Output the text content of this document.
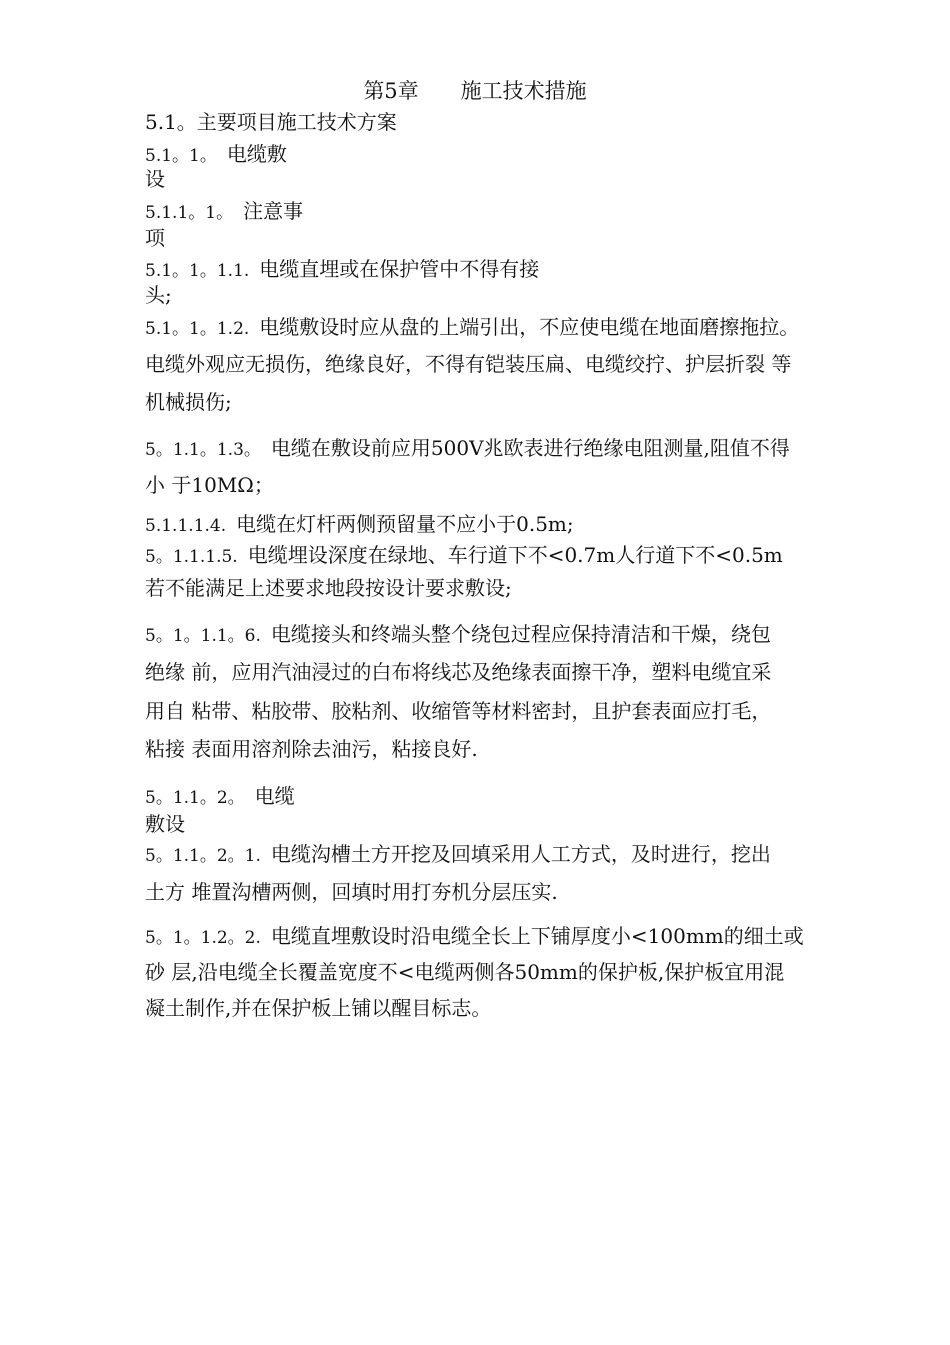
第5章　　施工技术措施
5.1。主要项目施工技术方案
5.1。1。 电缆敷
设
5.1.1。1。 注意事
项
5.1。1。1.1. 电缆直埋或在保护管中不得有接
头;
5.1。1。1.2. 电缆敷设时应从盘的上端引出，不应使电缆在地面磨擦拖拉。
电缆外观应无损伤，绝缘良好，不得有铠装压扁、电缆绞拧、护层折裂 等
机械损伤;
5。1.1。1.3。 电缆在敷设前应用500V兆欧表进行绝缘电阻测量,阻值不得
小 于10MΩ；
5.1.1.1.4. 电缆在灯杆两侧预留量不应小于0.5m;
5。1.1.1.5. 电缆埋设深度在绿地、车行道下不<0.7m人行道下不<0.5m
若不能满足上述要求地段按设计要求敷设;
5。1。1.1。6. 电缆接头和终端头整个绕包过程应保持清洁和干燥，绕包
绝缘 前，应用汽油浸过的白布将线芯及绝缘表面擦干净，塑料电缆宜采
用自 粘带、粘胶带、胶粘剂、收缩管等材料密封，且护套表面应打毛，
粘接 表面用溶剂除去油污，粘接良好.
5。1.1。2。 电缆
敷设
5。1.1。2。1. 电缆沟槽土方开挖及回填采用人工方式，及时进行，挖出
土方 堆置沟槽两侧，回填时用打夯机分层压实.
5。1。1.2。2. 电缆直埋敷设时沿电缆全长上下铺厚度小<100mm的细土或
砂 层,沿电缆全长覆盖宽度不<电缆两侧各50mm的保护板,保护板宜用混
凝土制作,并在保护板上铺以醒目标志。
